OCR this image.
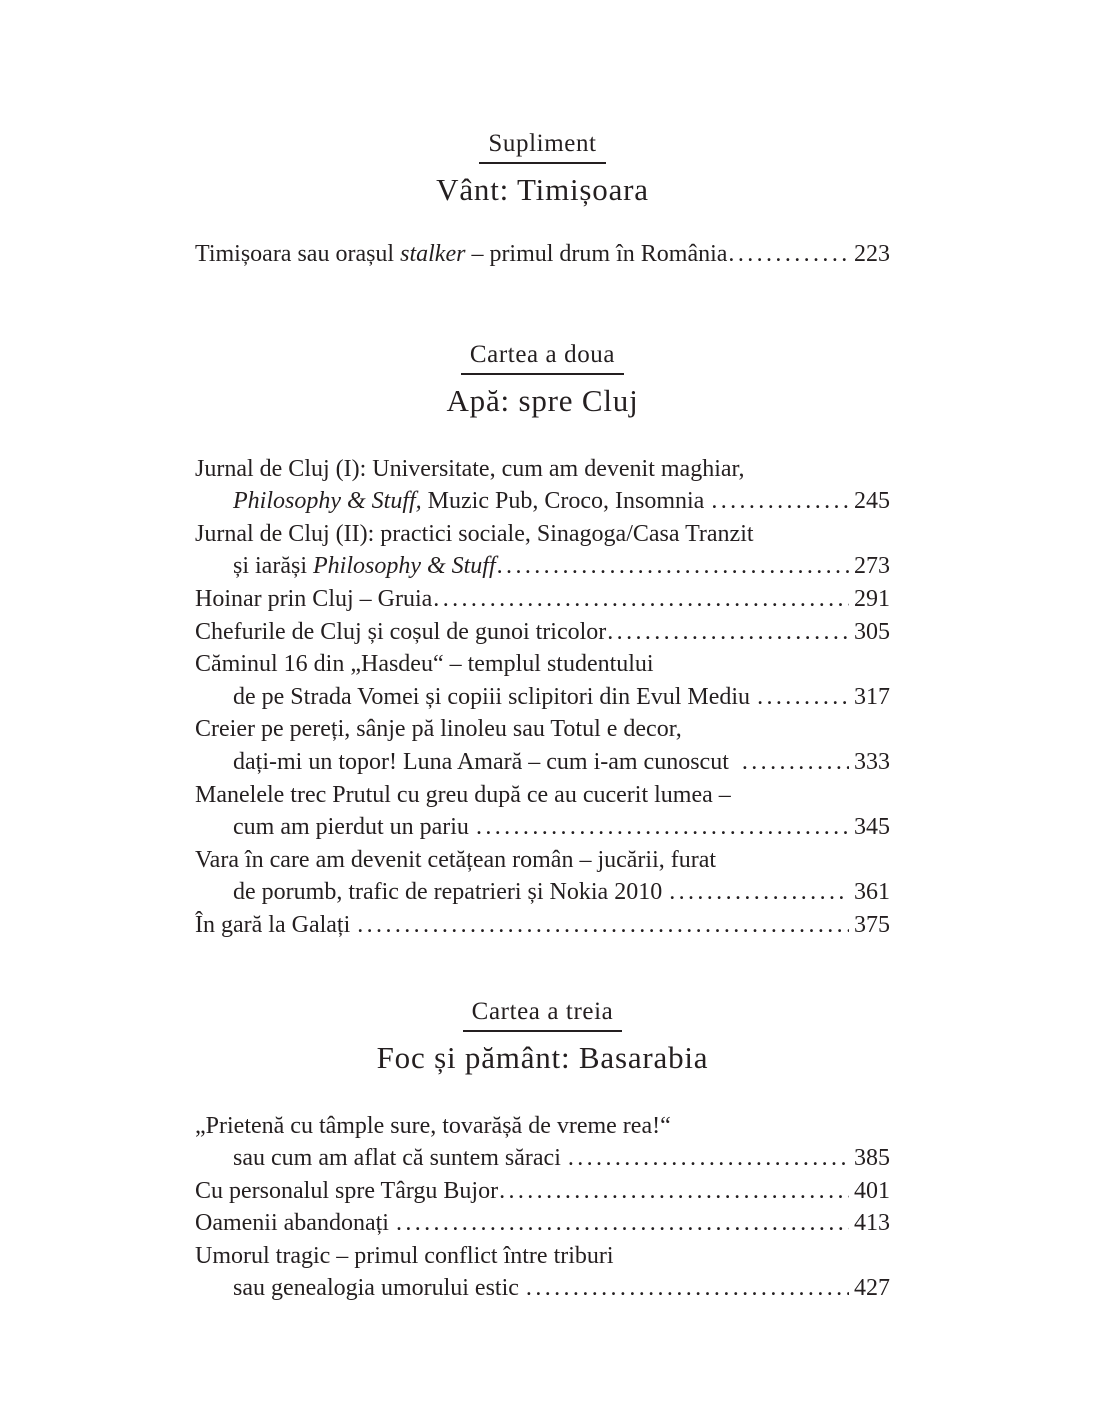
Supliment
Vânt: Timișoara
Timișoara sau orașul stalker – primul drum în România .....	223
Cartea a doua
Apă: spre Cluj
Jurnal de Cluj (I): Universitate, cum am devenit maghiar,
Philosophy & Stuff, Muzic Pub, Croco, Insomnia .....	245
Jurnal de Cluj (II): practici sociale, Sinagoga/Casa Tranzit
și iarăși Philosophy & Stuff .....	273
Hoinar prin Cluj – Gruia .....	291
Chefurile de Cluj și coșul de gunoi tricolor .....	305
Căminul 16 din „Hasdeu“ – templul studentului
de pe Strada Vomei și copiii sclipitori din Evul Mediu .....	317
Creier pe pereți, sânje pă linoleu sau Totul e decor,
dați-mi un topor! Luna Amară – cum i-am cunoscut .....	333
Manelele trec Prutul cu greu după ce au cucerit lumea –
cum am pierdut un pariu .....	345
Vara în care am devenit cetățean român – jucării, furat
de porumb, trafic de repatrieri și Nokia 2010 .....	361
În gară la Galați .....	375
Cartea a treia
Foc și pământ: Basarabia
„Prietenă cu tâmple sure, tovarășă de vreme rea!“
sau cum am aflat că suntem săraci .....	385
Cu personalul spre Târgu Bujor .....	401
Oamenii abandonați .....	413
Umorul tragic – primul conflict între triburi
sau genealogia umorului estic .....	427
